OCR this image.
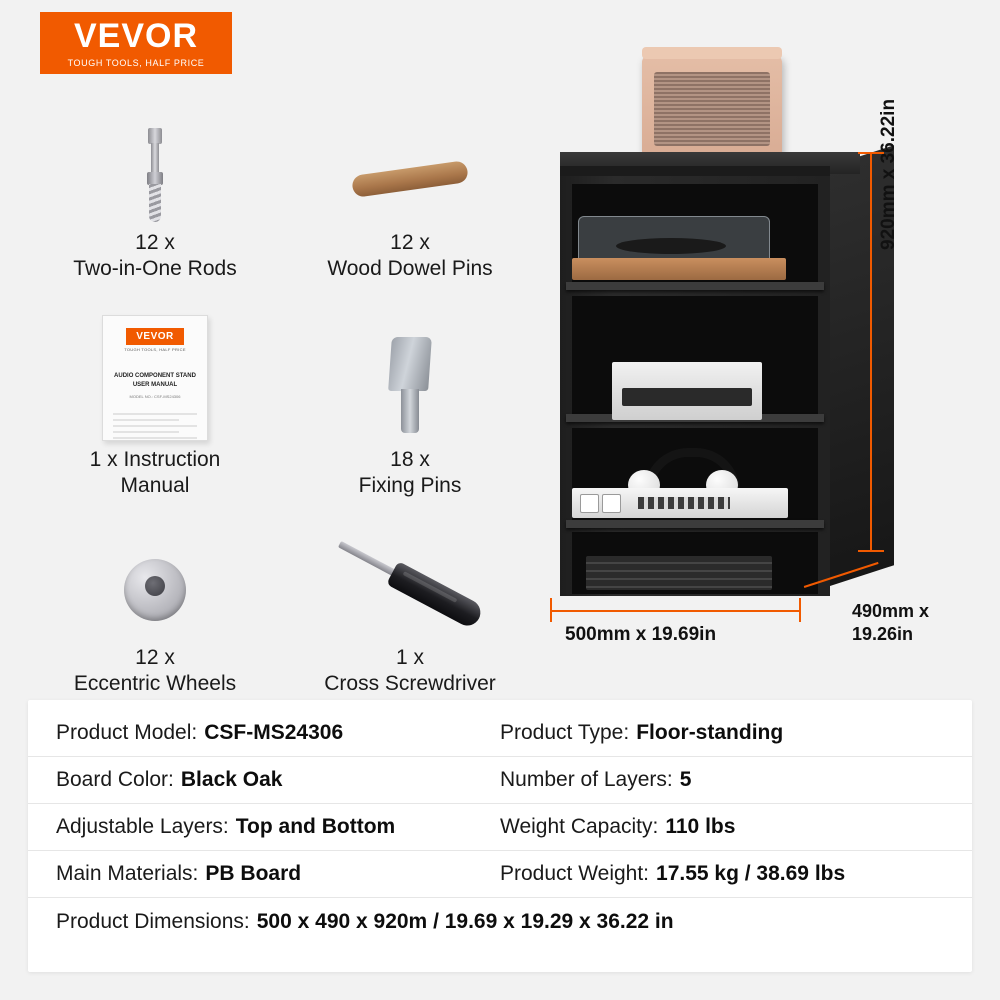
VEVOR
TOUGH TOOLS, HALF PRICE
12 x
Two-in-One Rods
12 x
Wood Dowel Pins
VEVOR
TOUGH TOOLS, HALF PRICE
AUDIO COMPONENT STAND
USER MANUAL
MODEL NO.: CSF-MS24306
1 x Instruction
Manual
18 x
Fixing Pins
12 x
Eccentric Wheels
1 x
Cross Screwdriver
920mm x 36.22in
490mm x
19.26in
500mm x 19.69in
Product Model: CSF-MS24306	Product Type: Floor-standing
Board Color: Black Oak	Number of Layers: 5
Adjustable Layers: Top and Bottom	Weight Capacity: 110 lbs
Main Materials: PB Board	Product Weight: 17.55 kg / 38.69 lbs
Product Dimensions: 500 x 490 x 920m / 19.69 x 19.29 x 36.22 in
